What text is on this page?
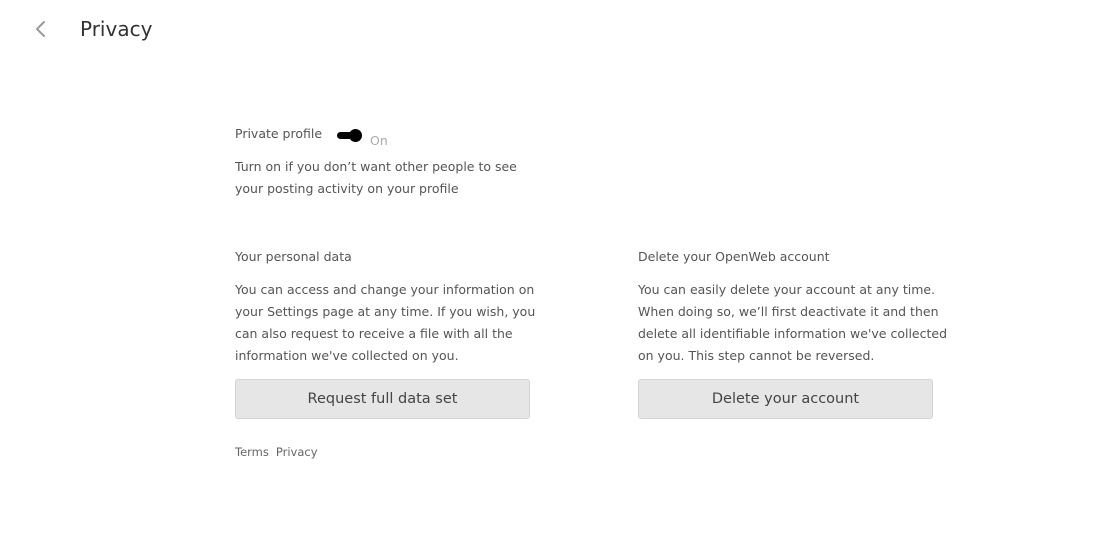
Privacy
Private profile	On
Turn on if you don’t want other people to see
your posting activity on your profile
Your personal data
You can access and change your information on
your Settings page at any time. If you wish, you
can also request to receive a file with all the
information we've collected on you.
Request full data set
Delete your OpenWeb account
You can easily delete your account at any time.
When doing so, we’ll first deactivate it and then
delete all identifiable information we've collected
on you. This step cannot be reversed.
Delete your account
Terms Privacy
